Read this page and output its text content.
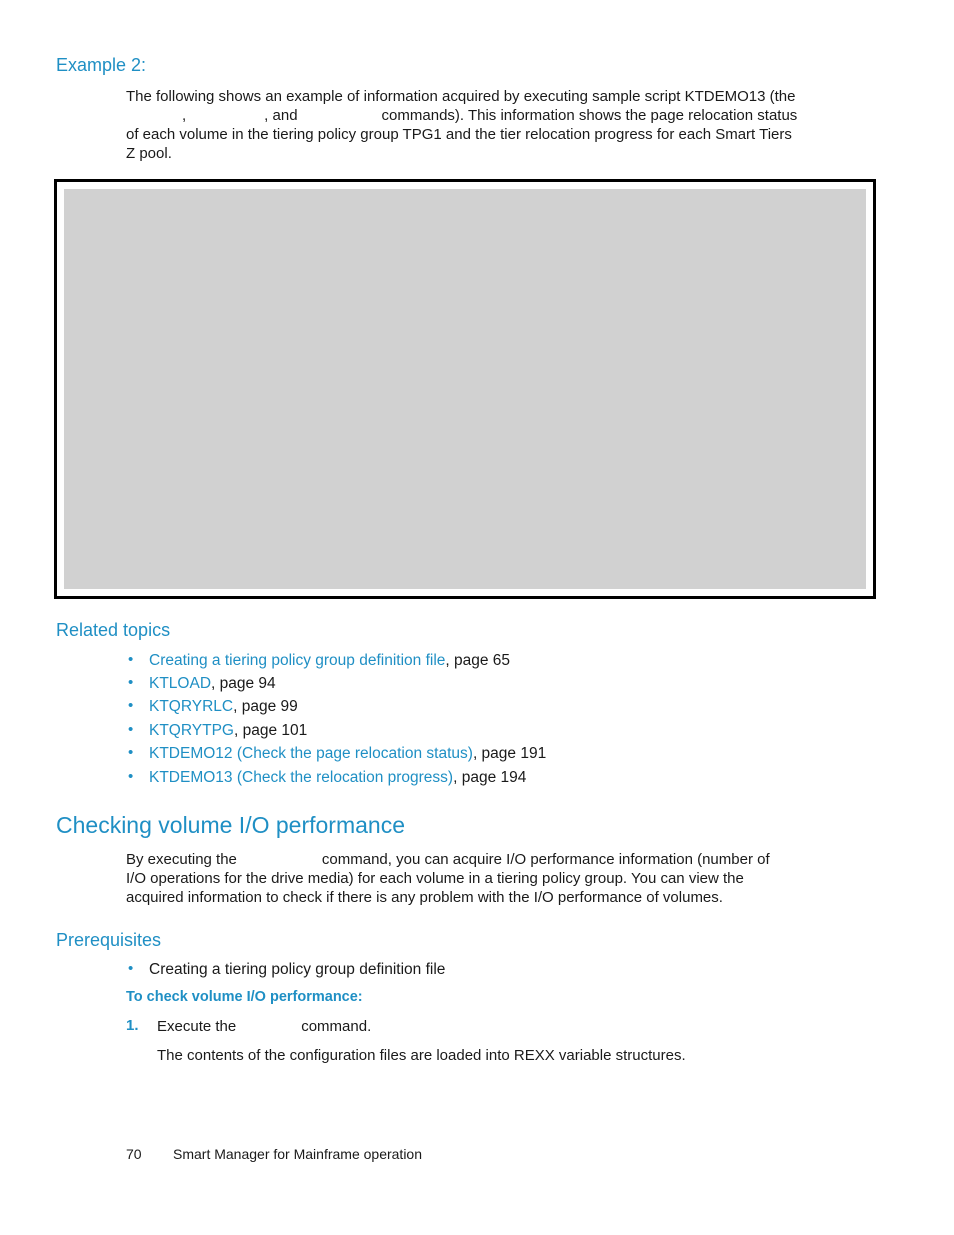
Example 2:
The following shows an example of information acquired by executing sample script KTDEMO13 (the
,	, and	commands). This information shows the page relocation status
of each volume in the tiering policy group TPG1 and the tier relocation progress for each Smart Tiers
Z pool.
Related topics
• Creating a tiering policy group definition file, page 65
• KTLOAD, page 94
• KTQRYRLC, page 99
• KTQRYTPG, page 101
• KTDEMO12 (Check the page relocation status), page 191
• KTDEMO13 (Check the relocation progress), page 194
Checking volume I/O performance
By executing the	command, you can acquire I/O performance information (number of
I/O operations for the drive media) for each volume in a tiering policy group. You can view the
acquired information to check if there is any problem with the I/O performance of volumes.
Prerequisites
• Creating a tiering policy group definition file
To check volume I/O performance:
1. Execute the	command.
The contents of the configuration files are loaded into REXX variable structures.
70 Smart Manager for Mainframe operation
